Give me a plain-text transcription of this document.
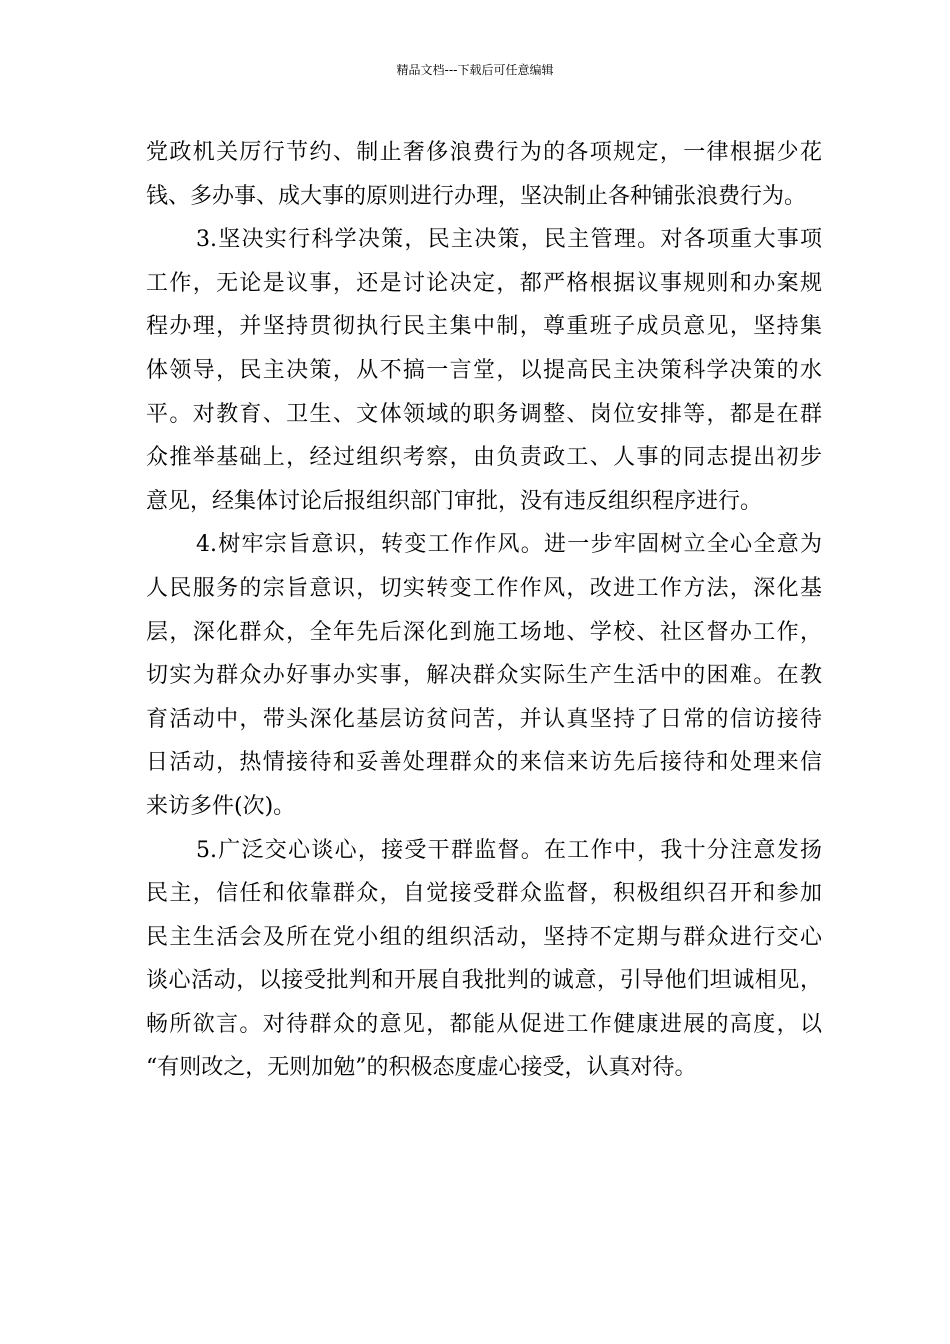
精品文档---下载后可任意编辑

党政机关厉行节约、制止奢侈浪费行为的各项规定，一律根据少花
钱、多办事、成大事的原则进行办理，坚决制止各种铺张浪费行为。

3.坚决实行科学决策，民主决策，民主管理。对各项重大事项
工作，无论是议事，还是讨论决定，都严格根据议事规则和办案规
程办理，并坚持贯彻执行民主集中制，尊重班子成员意见，坚持集
体领导，民主决策，从不搞一言堂，以提高民主决策科学决策的水
平。对教育、卫生、文体领域的职务调整、岗位安排等，都是在群
众推举基础上，经过组织考察，由负责政工、人事的同志提出初步
意见，经集体讨论后报组织部门审批，没有违反组织程序进行。

4.树牢宗旨意识，转变工作作风。进一步牢固树立全心全意为
人民服务的宗旨意识，切实转变工作作风，改进工作方法，深化基
层，深化群众，全年先后深化到施工场地、学校、社区督办工作，
切实为群众办好事办实事，解决群众实际生产生活中的困难。在教
育活动中，带头深化基层访贫问苦，并认真坚持了日常的信访接待
日活动，热情接待和妥善处理群众的来信来访先后接待和处理来信
来访多件(次)。

5.广泛交心谈心，接受干群监督。在工作中，我十分注意发扬
民主，信任和依靠群众，自觉接受群众监督，积极组织召开和参加
民主生活会及所在党小组的组织活动，坚持不定期与群众进行交心
谈心活动，以接受批判和开展自我批判的诚意，引导他们坦诚相见，
畅所欲言。对待群众的意见，都能从促进工作健康进展的高度，以
“有则改之，无则加勉”的积极态度虚心接受，认真对待。
